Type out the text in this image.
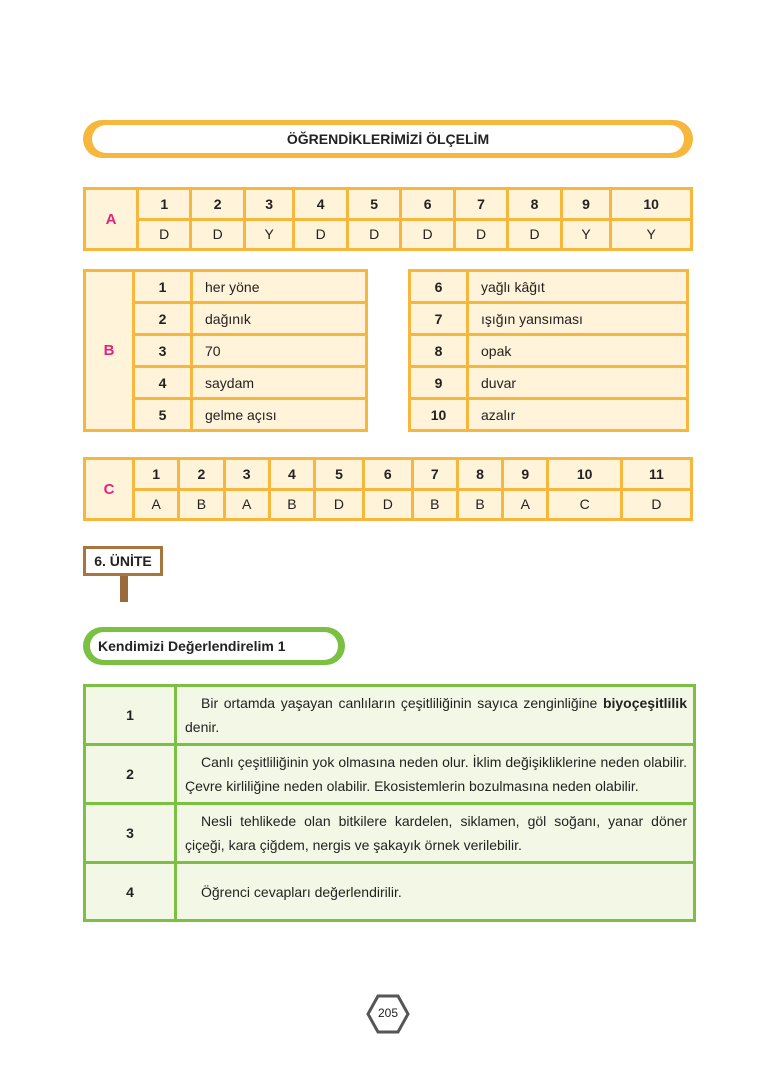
ÖĞRENDİKLERİMİZİ ÖLÇELİM
A	1	2	3	4	5	6	7	8	9	10
	D	D	Y	D	D	D	D	D	Y	Y
B	1	her yöne
	2	dağınık
	3	70
	4	saydam
	5	gelme açısı
6	yağlı kâğıt
7	ışığın yansıması
8	opak
9	duvar
10	azalır
C	1	2	3	4	5	6	7	8	9	10	11
	A	B	A	B	D	D	B	B	A	C	D
6. ÜNİTE
Kendimizi Değerlendirelim 1
1	Bir ortamda yaşayan canlıların çeşitliliğinin sayıca zenginliğine biyoçeşitlilik denir.

2	Canlı çeşitliliğinin yok olmasına neden olur. İklim değişikliklerine neden olabilir. Çevre kirliliğine neden olabilir. Ekosistemlerin bozulmasına neden olabilir.

3	Nesli tehlikede olan bitkilere kardelen, siklamen, göl soğanı, yanar döner çiçeği, kara çiğdem, nergis ve şakayık örnek verilebilir.

4	Öğrenci cevapları değerlendirilir.
205
